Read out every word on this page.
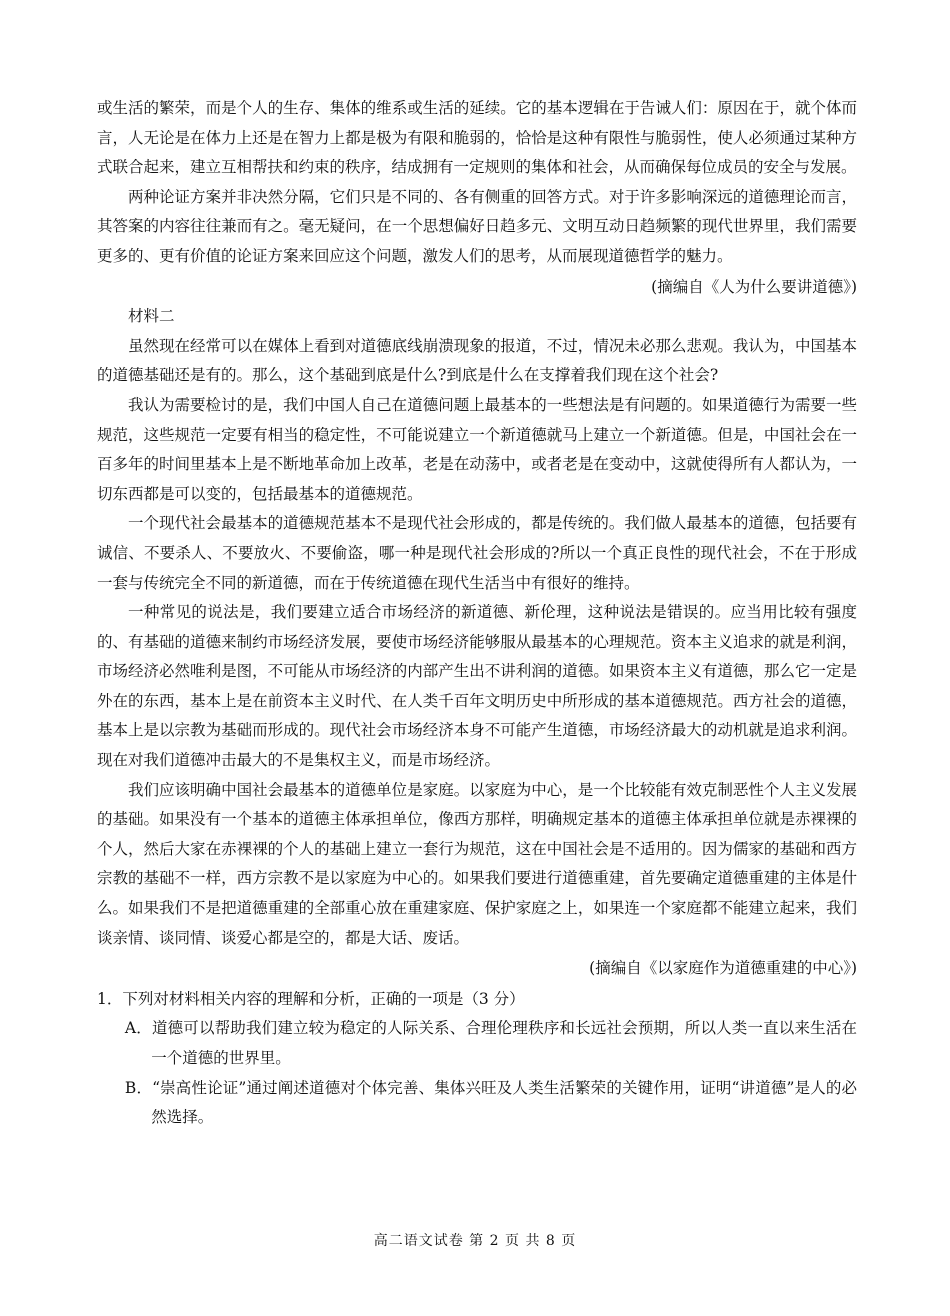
或生活的繁荣，而是个人的生存、集体的维系或生活的延续。它的基本逻辑在于告诫人们：原因在于，就个体而言，人无论是在体力上还是在智力上都是极为有限和脆弱的，恰恰是这种有限性与脆弱性，使人必须通过某种方式联合起来，建立互相帮扶和约束的秩序，结成拥有一定规则的集体和社会，从而确保每位成员的安全与发展。

两种论证方案并非决然分隔，它们只是不同的、各有侧重的回答方式。对于许多影响深远的道德理论而言，其答案的内容往往兼而有之。毫无疑问，在一个思想偏好日趋多元、文明互动日趋频繁的现代世界里，我们需要更多的、更有价值的论证方案来回应这个问题，激发人们的思考，从而展现道德哲学的魅力。

(摘编自《人为什么要讲道德》)

材料二

虽然现在经常可以在媒体上看到对道德底线崩溃现象的报道，不过，情况未必那么悲观。我认为，中国基本的道德基础还是有的。那么，这个基础到底是什么?到底是什么在支撑着我们现在这个社会?

我认为需要检讨的是，我们中国人自己在道德问题上最基本的一些想法是有问题的。如果道德行为需要一些规范，这些规范一定要有相当的稳定性，不可能说建立一个新道德就马上建立一个新道德。但是，中国社会在一百多年的时间里基本上是不断地革命加上改革，老是在动荡中，或者老是在变动中，这就使得所有人都认为，一切东西都是可以变的，包括最基本的道德规范。

一个现代社会最基本的道德规范基本不是现代社会形成的，都是传统的。我们做人最基本的道德，包括要有诚信、不要杀人、不要放火、不要偷盗，哪一种是现代社会形成的?所以一个真正良性的现代社会，不在于形成一套与传统完全不同的新道德，而在于传统道德在现代生活当中有很好的维持。

一种常见的说法是，我们要建立适合市场经济的新道德、新伦理，这种说法是错误的。应当用比较有强度的、有基础的道德来制约市场经济发展，要使市场经济能够服从最基本的心理规范。资本主义追求的就是利润，市场经济必然唯利是图，不可能从市场经济的内部产生出不讲利润的道德。如果资本主义有道德，那么它一定是外在的东西，基本上是在前资本主义时代、在人类千百年文明历史中所形成的基本道德规范。西方社会的道德，基本上是以宗教为基础而形成的。现代社会市场经济本身不可能产生道德，市场经济最大的动机就是追求利润。现在对我们道德冲击最大的不是集权主义，而是市场经济。

我们应该明确中国社会最基本的道德单位是家庭。以家庭为中心，是一个比较能有效克制恶性个人主义发展的基础。如果没有一个基本的道德主体承担单位，像西方那样，明确规定基本的道德主体承担单位就是赤裸裸的个人，然后大家在赤裸裸的个人的基础上建立一套行为规范，这在中国社会是不适用的。因为儒家的基础和西方宗教的基础不一样，西方宗教不是以家庭为中心的。如果我们要进行道德重建，首先要确定道德重建的主体是什么。如果我们不是把道德重建的全部重心放在重建家庭、保护家庭之上，如果连一个家庭都不能建立起来，我们谈亲情、谈同情、谈爱心都是空的，都是大话、废话。

(摘编自《以家庭作为道德重建的中心》)

1．下列对材料相关内容的理解和分析，正确的一项是（3 分）

A．道德可以帮助我们建立较为稳定的人际关系、合理伦理秩序和长远社会预期，所以人类一直以来生活在一个道德的世界里。

B．“崇高性论证”通过阐述道德对个体完善、集体兴旺及人类生活繁荣的关键作用，证明“讲道德”是人的必然选择。

高二语文试卷 第 2 页 共 8 页
